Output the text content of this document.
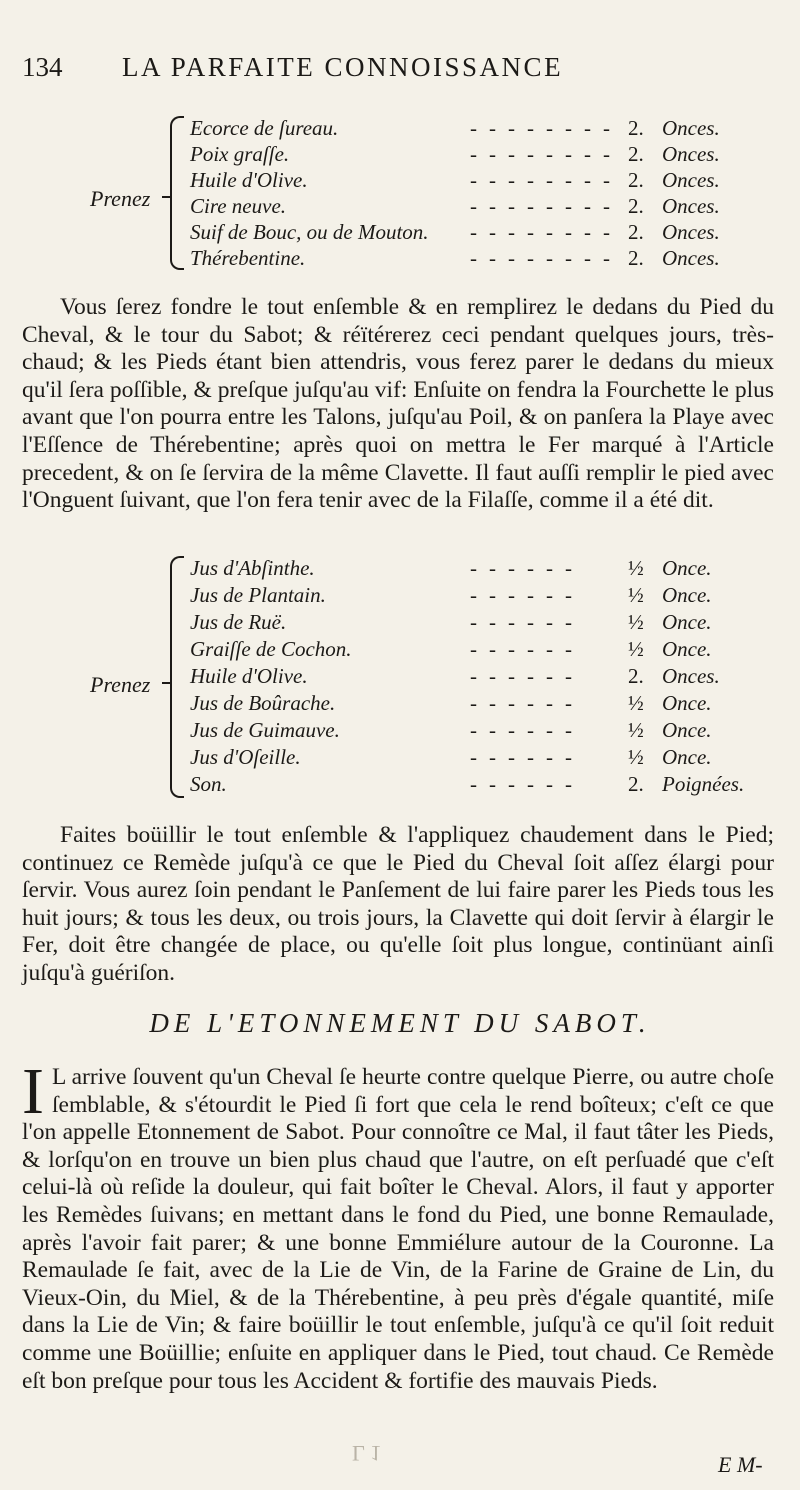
134 LA PARFAITE CONNOISSANCE
Prenez
Ecorce de ſureau.	-------- 2. Onces.
Poix graſſe.	-------- 2. Onces.
Huile d'Olive.	-------- 2. Onces.
Cire neuve.	-------- 2. Onces.
Suif de Bouc, ou de Mouton. -------- 2. Onces.
Thérebentine.	-------- 2. Onces.

Vous ſerez fondre le tout enſemble & en remplirez le dedans du Pied du Cheval, & le tour du Sabot; & réïtérerez ceci pendant quelques jours, très-chaud; & les Pieds étant bien attendris, vous ferez parer le dedans du mieux qu'il ſera poſſible, & preſque juſqu'au vif: Enſuite on fendra la Fourchette le plus avant que l'on pourra entre les Talons, juſqu'au Poil, & on panſera la Playe avec l'Eſſence de Thérebentine; après quoi on mettra le Fer marqué à l'Article precedent, & on ſe ſervira de la même Clavette. Il faut auſſi remplir le pied avec l'Onguent ſuivant, que l'on fera tenir avec de la Filaſſe, comme il a été dit.

Prenez
Jus d'Abſinthe.	------ ½ Once.
Jus de Plantain.	------ ½ Once.
Jus de Ruë.	------ ½ Once.
Graiſſe de Cochon.	------ ½ Once.
Huile d'Olive.	------ 2. Onces.
Jus de Boûrache.	------ ½ Once.
Jus de Guimauve.	------ ½ Once.
Jus d'Oſeille.	------ ½ Once.
Son.	------ 2. Poignées.

Faites boüillir le tout enſemble & l'appliquez chaudement dans le Pied; continuez ce Remède juſqu'à ce que le Pied du Cheval ſoit aſſez élargi pour ſervir. Vous aurez ſoin pendant le Panſement de lui faire parer les Pieds tous les huit jours; & tous les deux, ou trois jours, la Clavette qui doit ſervir à élargir le Fer, doit être changée de place, ou qu'elle ſoit plus longue, continüant ainſi juſqu'à guériſon.

DE L'ETONNEMENT DU SABOT.
I L arrive ſouvent qu'un Cheval ſe heurte contre quelque Pierre, ou autre choſe ſemblable, & s'étourdit le Pied ſi fort que cela le rend boîteux; c'eſt ce que l'on appelle Etonnement de Sabot. Pour connoître ce Mal, il faut tâter les Pieds, & lorſqu'on en trouve un bien plus chaud que l'autre, on eſt perſuadé que c'eſt celui-là où reſide la douleur, qui fait boîter le Cheval. Alors, il faut y apporter les Remèdes ſuivans; en mettant dans le fond du Pied, une bonne Remaulade, après l'avoir fait parer; & une bonne Emmiélure autour de la Couronne. La Remaulade ſe fait, avec de la Lie de Vin, de la Farine de Graine de Lin, du Vieux-Oin, du Miel, & de la Thérebentine, à peu près d'égale quantité, miſe dans la Lie de Vin; & faire boüillir le tout enſemble, juſqu'à ce qu'il ſoit reduit comme une Boüillie; enſuite en appliquer dans le Pied, tout chaud. Ce Remède eſt bon preſque pour tous les Accident & fortifie des mauvais Pieds.
L 1	E M-
